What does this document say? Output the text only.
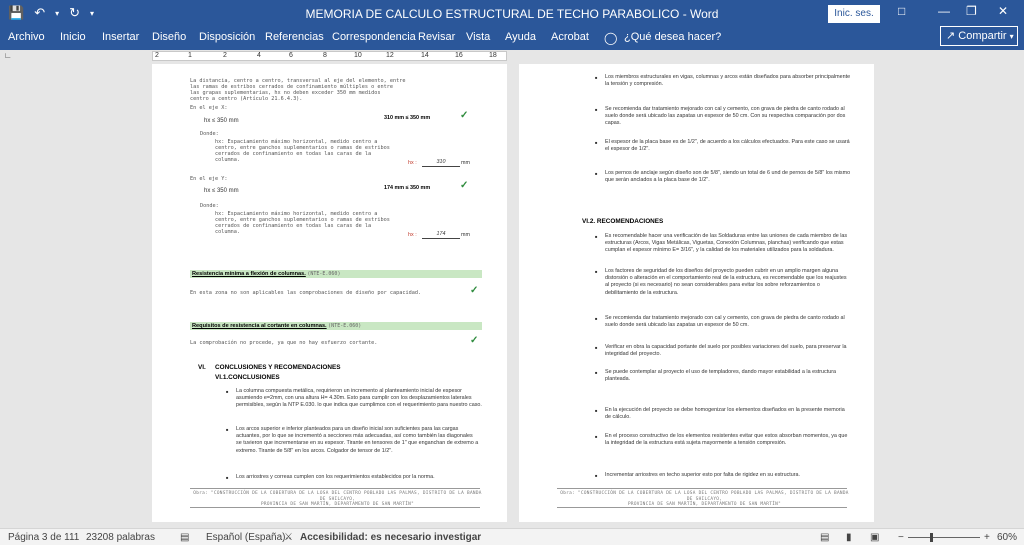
💾 ↶ ▾ ↻ ▾	MEMORIA DE CALCULO ESTRUCTURAL DE TECHO PARABOLICO - Word	Inic. ses.	□	— ❐ ✕
Archivo Inicio Insertar Diseño Disposición Referencias Correspondencia Revisar Vista Ayuda Acrobat ◯ ¿Qué desea hacer?	↗ Compartir ▾
∟	2	1	2	4	6	8	10	12	14	16	18
La distancia, centro a centro, transversal al eje del elemento, entre
las ramas de estribos cerrados de confinamiento múltiples o entre
las grapas suplementarias, hx no deben exceder 350 mm medidos
centro a centro (Artículo 21.6.4.3).
En el eje X:
hx ≤ 350 mm	310 mm ≤ 350 mm	✓
Donde:
hx: Espaciamiento máximo horizontal, medido centro a
centro, entre ganchos suplementarios o ramas de estribos
cerrados de confinamiento en todas las caras de la
columna.	hx :	310	mm
En el eje Y:
hx ≤ 350 mm	174 mm ≤ 350 mm	✓
Donde:
hx: Espaciamiento máximo horizontal, medido centro a
centro, entre ganchos suplementarios o ramas de estribos
cerrados de confinamiento en todas las caras de la
columna.	hx :	174	mm
Resistencia mínima a flexión de columnas. (NTE-E.060)
En esta zona no son aplicables las comprobaciones de diseño por capacidad.	✓
Requisitos de resistencia al cortante en columnas. (NTE-E.060)
La comprobación no procede, ya que no hay esfuerzo cortante.	✓
VI. CONCLUSIONES Y RECOMENDACIONES
VI.1.CONCLUSIONES
■ La columna compuesta metálica, requirieron un incremento al planteamiento inicial de espesor
asumiendo e=2mm, con una altura H= 4.30m. Esto para cumplir con los desplazamientos laterales
permisibles, según la NTP E.030. lo que indica que cumplimos con el requerimiento para nuestro caso.
■ Los arcos superior e inferior planteados para un diseño inicial son suficientes para las cargas
actuantes, por lo que se incrementó a secciones más adecuadas, así como también las diagonales
se tuvieron que incrementarse en su espesor. Tirante en tensores de 1" que enganchan de extremo a
extremo. Tirante de 5/8" en los arcos. Colgador de tensor de 1/2".
■ Los arriostres y correas cumplen con los requerimientos establecidos por la norma.
Obra: "CONSTRUCCIÓN DE LA COBERTURA DE LA LOSA DEL CENTRO POBLADO LAS PALMAS, DISTRITO DE LA BANDA DE SHILCAYO,
PROVINCIA DE SAN MARTÍN, DEPARTAMENTO DE SAN MARTÍN"
■ Los miembros estructurales en vigas, columnas y arcos están diseñados para absorber principalmente
la tensión y compresión.
■ Se recomienda dar tratamiento mejorado con cal y cemento, con grava de piedra de canto rodado al
suelo donde será ubicado las zapatas un espesor de 50 cm. Con su respectiva comparación por dos
capas.
■ El espesor de la placa base es de 1/2", de acuerdo a los cálculos efectuados. Para este caso se usará
el espesor de 1/2".
■ Los pernos de anclaje según diseño son de 5/8", siendo un total de 6 und de pernos de 5/8" los mismo
que serán anclados a la placa base de 1/2".
VI.2. RECOMENDACIONES
■ Es recomendable hacer una verificación de las Soldaduras entre las uniones de cada miembro de las
estructuras (Arcos, Vigas Metálicas, Viguetas, Conexión Columnas, planchas) verificando que estas
cumplan el espesor mínimo E= 3/16", y la calidad de los materiales utilizados para la soldadura.
■ Los factores de seguridad de los diseños del proyecto pueden cubrir en un amplio margen alguna
distorsión o alteración en el comportamiento real de la estructura, es recomendable que los reajustes
al proyecto (si es necesario) no sean considerables para evitar los sobre reforzamientos o
debilitamiento de la estructura.
■ Se recomienda dar tratamiento mejorado con cal y cemento, con grava de piedra de canto rodado al
suelo donde será ubicado las zapatas un espesor de 50 cm.
■ Verificar en obra la capacidad portante del suelo por posibles variaciones del suelo, para preservar la
integridad del proyecto.
■ Se puede contemplar al proyecto el uso de templadores, dando mayor estabilidad a la estructura
planteada.
■ En la ejecución del proyecto se debe homogenizar los elementos diseñados en la presente memoria
de cálculo.
■ En el proceso constructivo de los elementos resistentes evitar que estos absorban momentos, ya que
la integridad de la estructura está sujeta mayormente a tensión compresión.
■ Incrementar arriostres en techo superior esto por falta de rigidez en su estructura.
Obra: "CONSTRUCCIÓN DE LA COBERTURA DE LA LOSA DEL CENTRO POBLADO LAS PALMAS, DISTRITO DE LA BANDA DE SHILCAYO,
PROVINCIA DE SAN MARTÍN, DEPARTAMENTO DE SAN MARTÍN"
Página 3 de 111 23208 palabras	▤ Español (España)
⚔ Accesibilidad: es necesario investigar	▤ ▮ ▣ −	+ 60%
